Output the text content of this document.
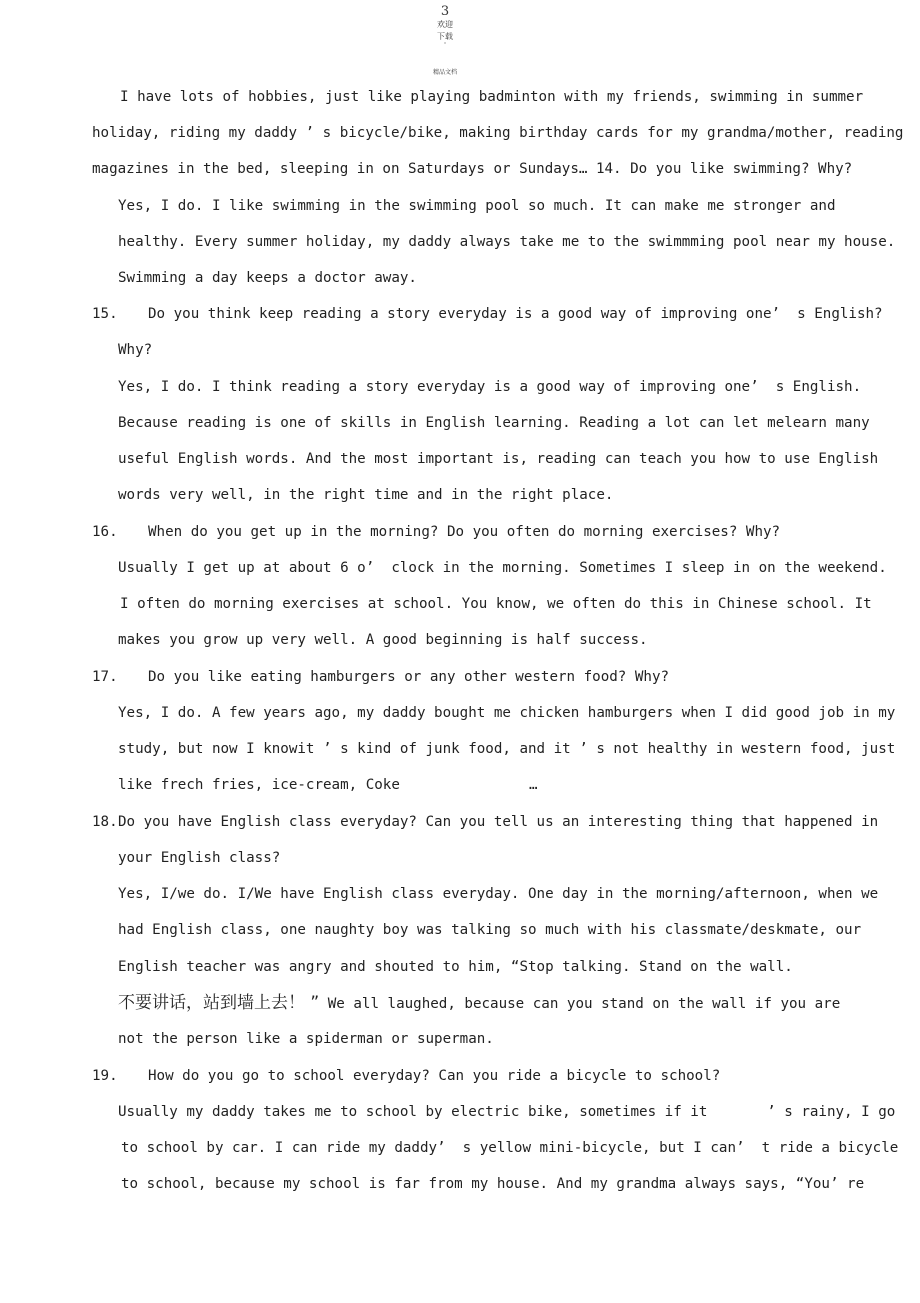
3
欢迎
下载
·
精品文档
I have lots of hobbies, just like playing badminton with my friends, swimming in summer
holiday, riding my daddy ’ s bicycle/bike, making birthday cards for my grandma/mother, reading
magazines in the bed, sleeping in on Saturdays or Sundays… 14. Do you like swimming? Why?
Yes, I do. I like swimming in the swimming pool so much. It can make me stronger and
healthy. Every summer holiday, my daddy always take me to the swimmming pool near my house.
Swimming a day keeps a doctor away.
15. Do you think keep reading a story everyday is a good way of improving one’  s English?
Why?
Yes, I do. I think reading a story everyday is a good way of improving one’  s English.
Because reading is one of skills in English learning. Reading a lot can let melearn many
useful English words. And the most important is, reading can teach you how to use English
words very well, in the right time and in the right place.
16. When do you get up in the morning? Do you often do morning exercises? Why?
Usually I get up at about 6 o’  clock in the morning. Sometimes I sleep in on the weekend.
I often do morning exercises at school. You know, we often do this in Chinese school. It
makes you grow up very well. A good beginning is half success.
17. Do you like eating hamburgers or any other western food? Why?
Yes, I do. A few years ago, my daddy bought me chicken hamburgers when I did good job in my
study, but now I knowit ’ s kind of junk food, and it ’ s not healthy in western food, just
like frech fries, ice-cream, Coke	…
18. Do you have English class everyday? Can you tell us an interesting thing that happened in
your English class?
Yes, I/we do. I/We have English class everyday. One day in the morning/afternoon, when we
had English class, one naughty boy was talking so much with his classmate/deskmate, our
English teacher was angry and shouted to him, “Stop talking. Stand on the wall.
不要讲话，站到墙上去！ ” We all laughed, because can you stand on the wall if you are
not the person like a spiderman or superman.
19. How do you go to school everyday? Can you ride a bicycle to school?
Usually my daddy takes me to school by electric bike, sometimes if it       ’ s rainy, I go
to school by car. I can ride my daddy’  s yellow mini-bicycle, but I can’  t ride a bicycle
to school, because my school is far from my house. And my grandma always says, “You’ re
